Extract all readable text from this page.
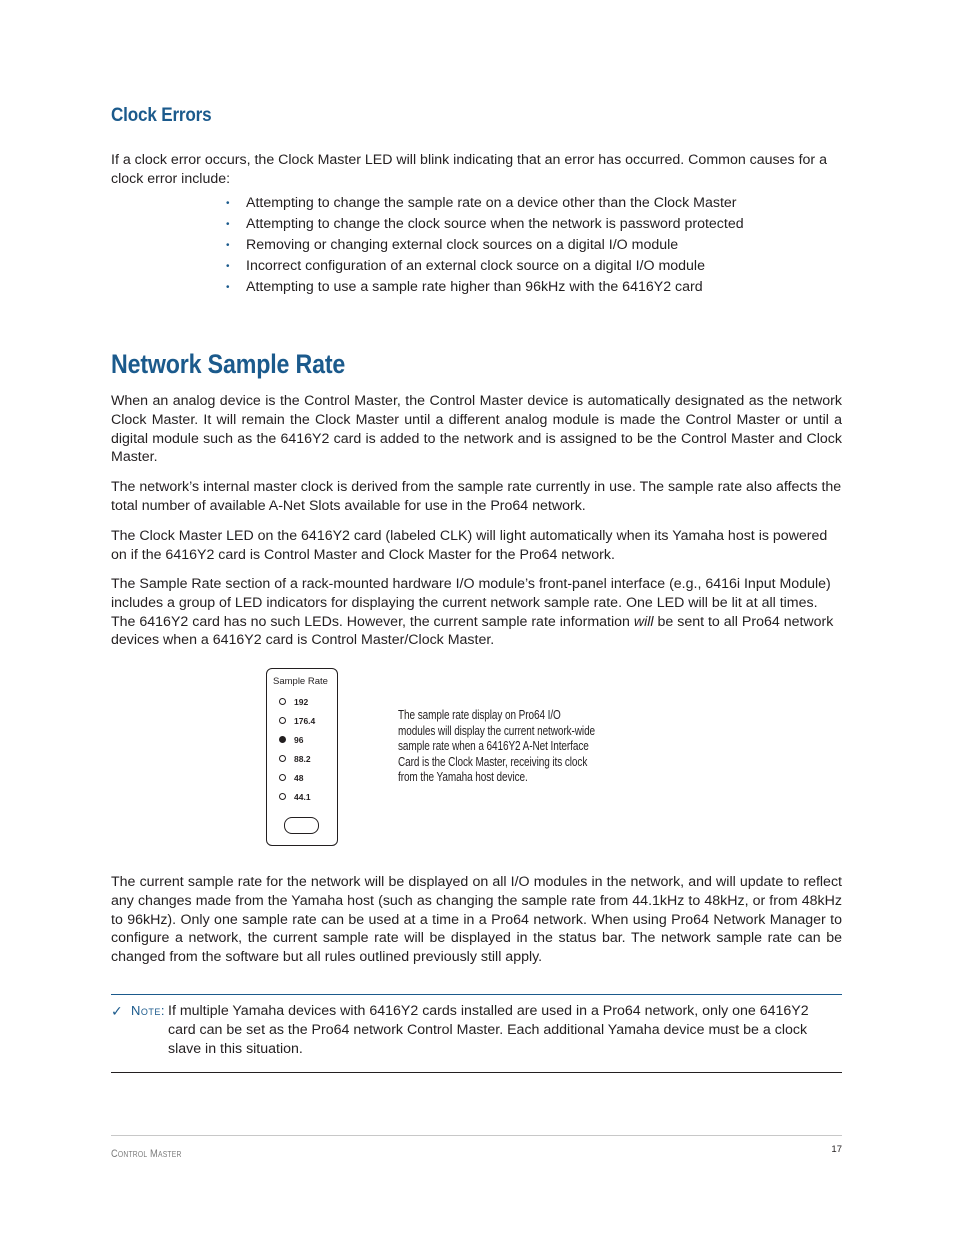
Clock Errors

If a clock error occurs, the Clock Master LED will blink indicating that an error has occurred. Common causes for a clock error include:

• Attempting to change the sample rate on a device other than the Clock Master
• Attempting to change the clock source when the network is password protected
• Removing or changing external clock sources on a digital I/O module
• Incorrect configuration of an external clock source on a digital I/O module
• Attempting to use a sample rate higher than 96kHz with the 6416Y2 card
Network Sample Rate

When an analog device is the Control Master, the Control Master device is automatically designated as the network Clock Master. It will remain the Clock Master until a different analog module is made the Control Master or until a digital module such as the 6416Y2 card is added to the network and is assigned to be the Control Master and Clock Master.

The network’s internal master clock is derived from the sample rate currently in use. The sample rate also affects the total number of available A-Net Slots available for use in the Pro64 network.

The Clock Master LED on the 6416Y2 card (labeled CLK) will light automatically when its Yamaha host is powered on if the 6416Y2 card is Control Master and Clock Master for the Pro64 network.

The Sample Rate section of a rack-mounted hardware I/O module’s front-panel interface (e.g., 6416i Input Module) includes a group of LED indicators for displaying the current network sample rate. One LED will be lit at all times. The 6416Y2 card has no such LEDs. However, the current sample rate information will be sent to all Pro64 network devices when a 6416Y2 card is Control Master/Clock Master.

Sample Rate
192
176.4
96
88.2
48
44.1

The sample rate display on Pro64 I/O modules will display the current network-wide sample rate when a 6416Y2 A-Net Interface Card is the Clock Master, receiving its clock from the Yamaha host device.

The current sample rate for the network will be displayed on all I/O modules in the network, and will update to reflect any changes made from the Yamaha host (such as changing the sample rate from 44.1kHz to 48kHz, or from 48kHz to 96kHz). Only one sample rate can be used at a time in a Pro64 network. When using Pro64 Network Manager to configure a network, the current sample rate will be displayed in the status bar. The network sample rate can be changed from the software but all rules outlined previously still apply.

✓ Note: If multiple Yamaha devices with 6416Y2 cards installed are used in a Pro64 network, only one 6416Y2 card can be set as the Pro64 network Control Master. Each additional Yamaha device must be a clock slave in this situation.
Control Master	17
